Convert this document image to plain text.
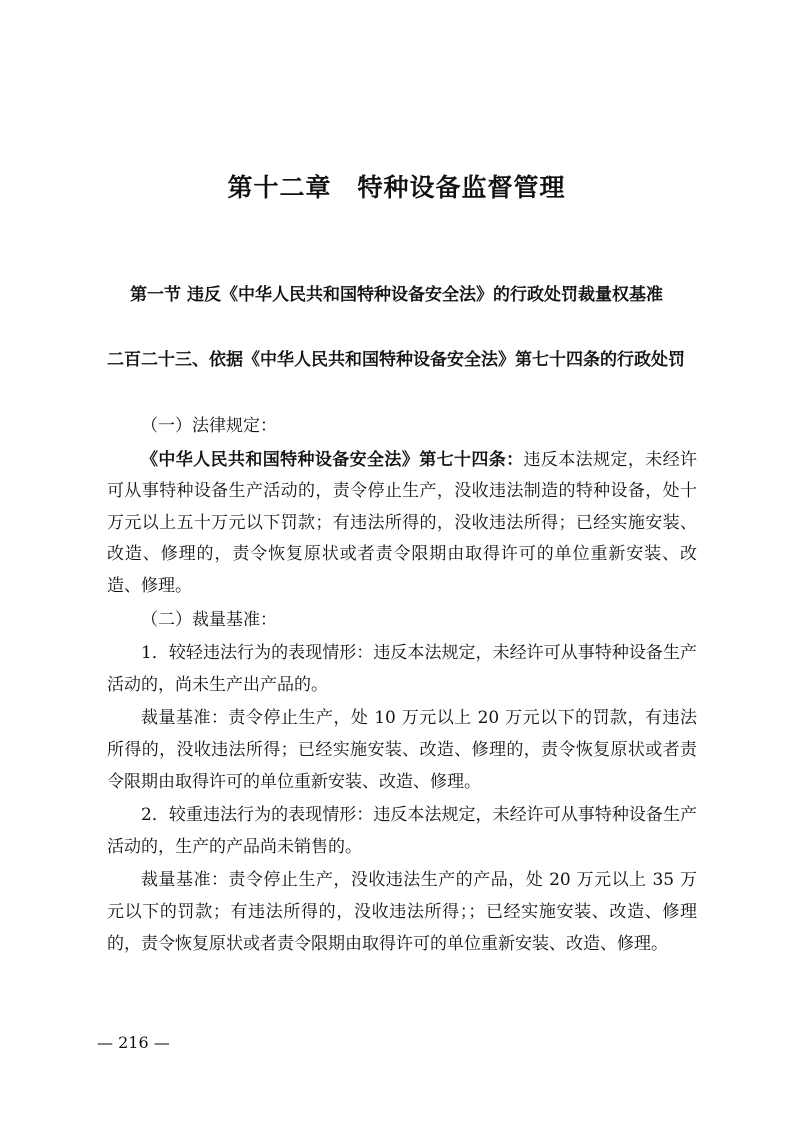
第十二章　特种设备监督管理
第一节 违反《中华人民共和国特种设备安全法》的行政处罚裁量权基准
二百二十三、依据《中华人民共和国特种设备安全法》第七十四条的行政处罚

（一）法律规定：

《中华人民共和国特种设备安全法》第七十四条：违反本法规定，未经许可从事特种设备生产活动的，责令停止生产，没收违法制造的特种设备，处十万元以上五十万元以下罚款；有违法所得的，没收违法所得；已经实施安装、改造、修理的，责令恢复原状或者责令限期由取得许可的单位重新安装、改造、修理。

（二）裁量基准：

1．较轻违法行为的表现情形：违反本法规定，未经许可从事特种设备生产活动的，尚未生产出产品的。

裁量基准：责令停止生产，处 10 万元以上 20 万元以下的罚款，有违法所得的，没收违法所得；已经实施安装、改造、修理的，责令恢复原状或者责令限期由取得许可的单位重新安装、改造、修理。

2．较重违法行为的表现情形：违反本法规定，未经许可从事特种设备生产活动的，生产的产品尚未销售的。

裁量基准：责令停止生产，没收违法生产的产品，处 20 万元以上 35 万元以下的罚款；有违法所得的，没收违法所得；；已经实施安装、改造、修理的，责令恢复原状或者责令限期由取得许可的单位重新安装、改造、修理。

— 216 —
